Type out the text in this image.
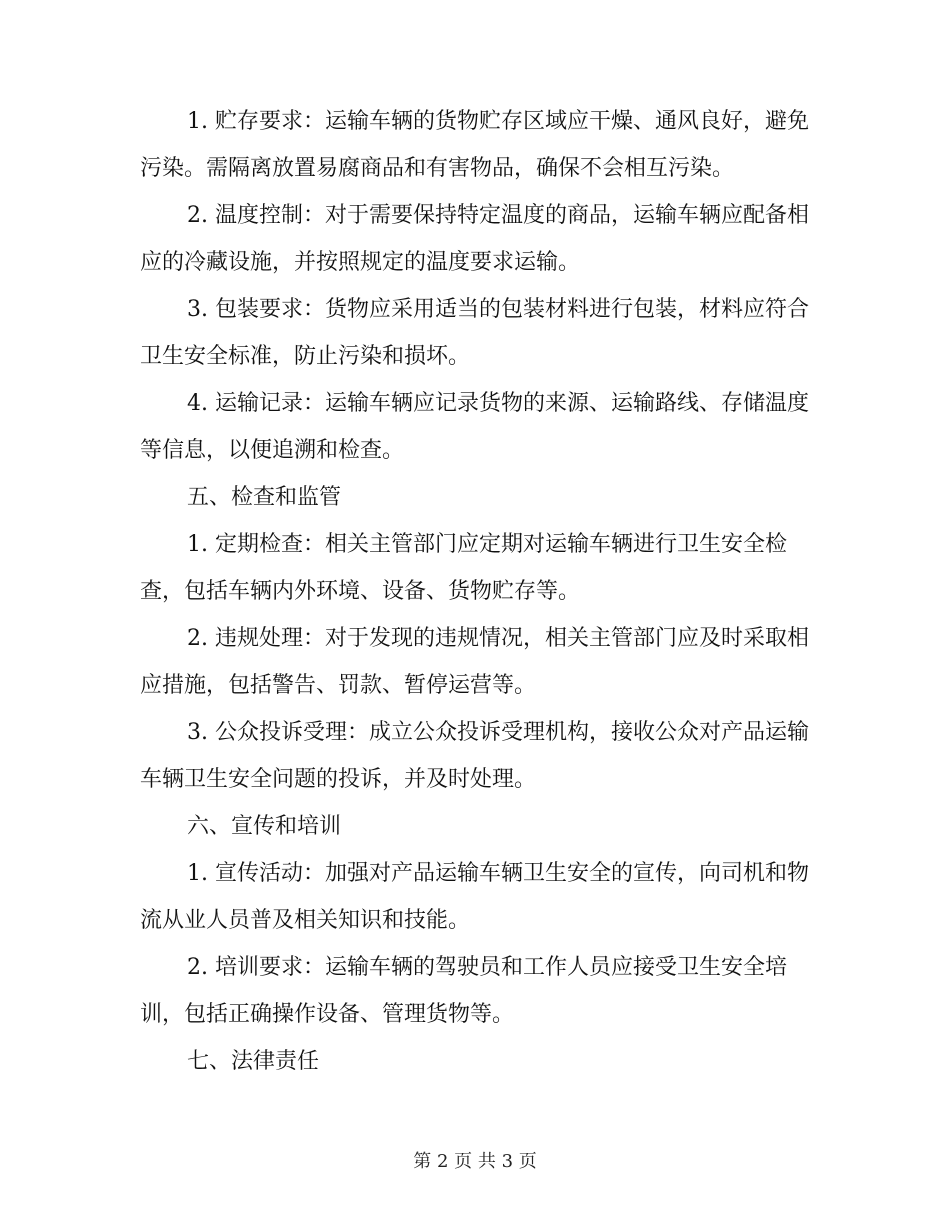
1. 贮存要求：运输车辆的货物贮存区域应干燥、通风良好，避免污染。需隔离放置易腐商品和有害物品，确保不会相互污染。

2. 温度控制：对于需要保持特定温度的商品，运输车辆应配备相应的冷藏设施，并按照规定的温度要求运输。

3. 包装要求：货物应采用适当的包装材料进行包装，材料应符合卫生安全标准，防止污染和损坏。

4. 运输记录：运输车辆应记录货物的来源、运输路线、存储温度等信息，以便追溯和检查。

五、检查和监管

1. 定期检查：相关主管部门应定期对运输车辆进行卫生安全检查，包括车辆内外环境、设备、货物贮存等。

2. 违规处理：对于发现的违规情况，相关主管部门应及时采取相应措施，包括警告、罚款、暂停运营等。

3. 公众投诉受理：成立公众投诉受理机构，接收公众对产品运输车辆卫生安全问题的投诉，并及时处理。

六、宣传和培训

1. 宣传活动：加强对产品运输车辆卫生安全的宣传，向司机和物流从业人员普及相关知识和技能。

2. 培训要求：运输车辆的驾驶员和工作人员应接受卫生安全培训，包括正确操作设备、管理货物等。

七、法律责任

第 2 页 共 3 页
